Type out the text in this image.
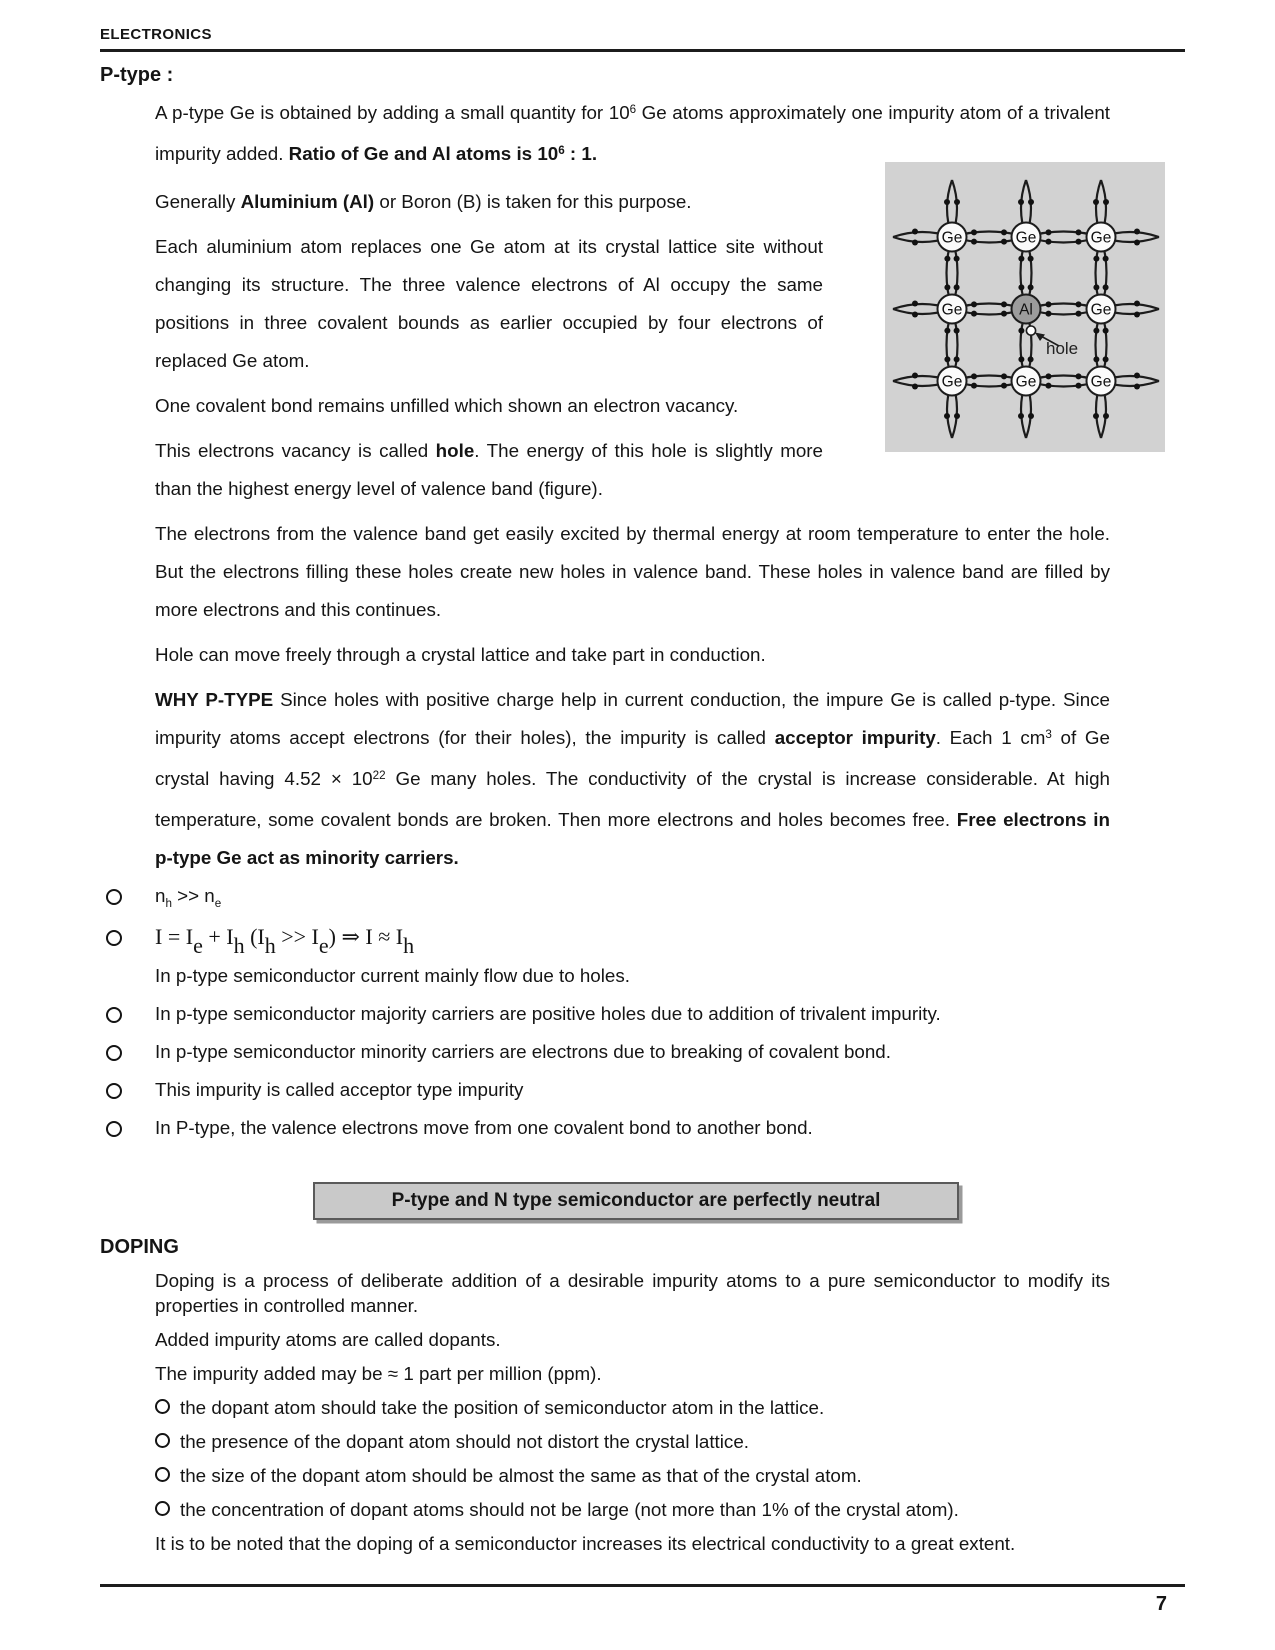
ELECTRONICS
P-type :

A p-type Ge is obtained by adding a small quantity for $10^6$ Ge atoms approximately one impurity atom of a trivalent impurity added. Ratio of Ge and Al atoms is $10^6$ : 1.

Ge	Ge	Ge
Ge	Al	Ge
Ge	Ge	Ge
hole

Generally Aluminium (Al) or Boron (B) is taken for this purpose.

Each aluminium atom replaces one Ge atom at its crystal lattice site without changing its structure. The three valence electrons of Al occupy the same positions in three covalent bounds as earlier occupied by four electrons of replaced Ge atom.

One covalent bond remains unfilled which shown an electron vacancy.

This electrons vacancy is called hole. The energy of this hole is slightly more than the highest energy level of valence band (figure).

The electrons from the valence band get easily excited by thermal energy at room temperature to enter the hole. But the electrons filling these holes create new holes in valence band. These holes in valence band are filled by more electrons and this continues.

Hole can move freely through a crystal lattice and take part in conduction.

WHY P-TYPE Since holes with positive charge help in current conduction, the impure Ge is called p-type. Since impurity atoms accept electrons (for their holes), the impurity is called acceptor impurity. Each 1 $cm^3$ of Ge crystal having $4.52 \times 10^{22}$ Ge many holes. The conductivity of the crystal is increase considerable. At high temperature, some covalent bonds are broken. Then more electrons and holes becomes free. Free electrons in p-type Ge act as minority carriers.

$n_h >> n_e$
I = Ie + Ih (Ih >> Ie) ⇒ I ≈ Ih

In p-type semiconductor current mainly flow due to holes.

In p-type semiconductor majority carriers are positive holes due to addition of trivalent impurity.
In p-type semiconductor minority carriers are electrons due to breaking of covalent bond.
This impurity is called acceptor type impurity
In P-type, the valence electrons move from one covalent bond to another bond.
P-type and N type semiconductor are perfectly neutral
DOPING

Doping is a process of deliberate addition of a desirable impurity atoms to a pure semiconductor to modify its properties in controlled manner.

Added impurity atoms are called dopants.

The impurity added may be ≈ 1 part per million (ppm).

the dopant atom should take the position of semiconductor atom in the lattice.

the presence of the dopant atom should not distort the crystal lattice.

the size of the dopant atom should be almost the same as that of the crystal atom.

the concentration of dopant atoms should not be large (not more than 1% of the crystal atom).

It is to be noted that the doping of a semiconductor increases its electrical conductivity to a great extent.

7
